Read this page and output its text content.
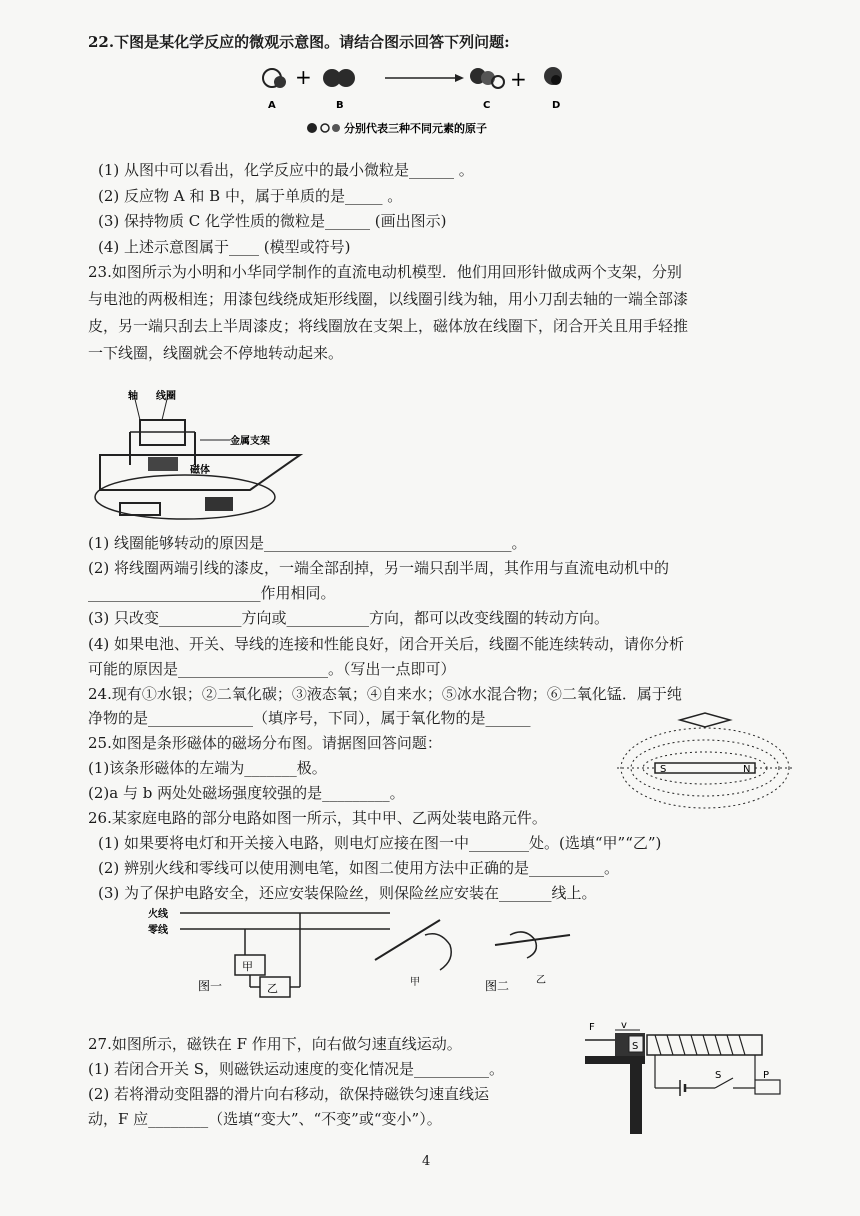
22.下图是某化学反应的微观示意图。请结合图示回答下列问题:
+	+
A	B	C	D
分别代表三种不同元素的原子
(1) 从图中可以看出，化学反应中的最小微粒是______ 。
(2) 反应物 A 和 B 中，属于单质的是_____ 。
(3) 保持物质 C 化学性质的微粒是______ (画出图示)
(4) 上述示意图属于____ (模型或符号)
23.如图所示为小明和小华同学制作的直流电动机模型．他们用回形针做成两个支架，分别
与电池的两极相连；用漆包线绕成矩形线圈，以线圈引线为轴，用小刀刮去轴的一端全部漆
皮，另一端只刮去上半周漆皮；将线圈放在支架上，磁体放在线圈下，闭合开关且用手轻推
一下线圈，线圈就会不停地转动起来。
轴 线圈
金属支架
磁体
(1) 线圈能够转动的原因是_________________________________。
(2) 将线圈两端引线的漆皮，一端全部刮掉，另一端只刮半周，其作用与直流电动机中的
_______________________作用相同。
(3) 只改变___________方向或___________方向，都可以改变线圈的转动方向。
(4) 如果电池、开关、导线的连接和性能良好，闭合开关后，线圈不能连续转动，请你分析
可能的原因是____________________。（写出一点即可）
24.现有①水银；②二氧化碳；③液态氧；④自来水；⑤冰水混合物；⑥二氧化锰．属于纯
净物的是______________（填序号，下同），属于氧化物的是______
25.如图是条形磁体的磁场分布图。请据图回答问题：
(1)该条形磁体的左端为_______极。
(2)a 与 b 两处处磁场强度较强的是_________。
S	N
26.某家庭电路的部分电路如图一所示，其中甲、乙两处装电路元件。
(1) 如果要将电灯和开关接入电路，则电灯应接在图一中________处。(选填“甲”“乙”)
(2) 辨别火线和零线可以使用测电笔，如图二使用方法中正确的是__________。
(3) 为了保护电路安全，还应安装保险丝，则保险丝应安装在_______线上。
火线
零线
甲
乙
图一	甲	图二	乙
27.如图所示，磁铁在 F 作用下，向右做匀速直线运动。
(1) 若闭合开关 S，则磁铁运动速度的变化情况是__________。
(2) 若将滑动变阻器的滑片向右移动，欲保持磁铁匀速直线运
动，F 应________（选填“变大”、“不变”或“变小”）。
F	v
S
S	P
4
